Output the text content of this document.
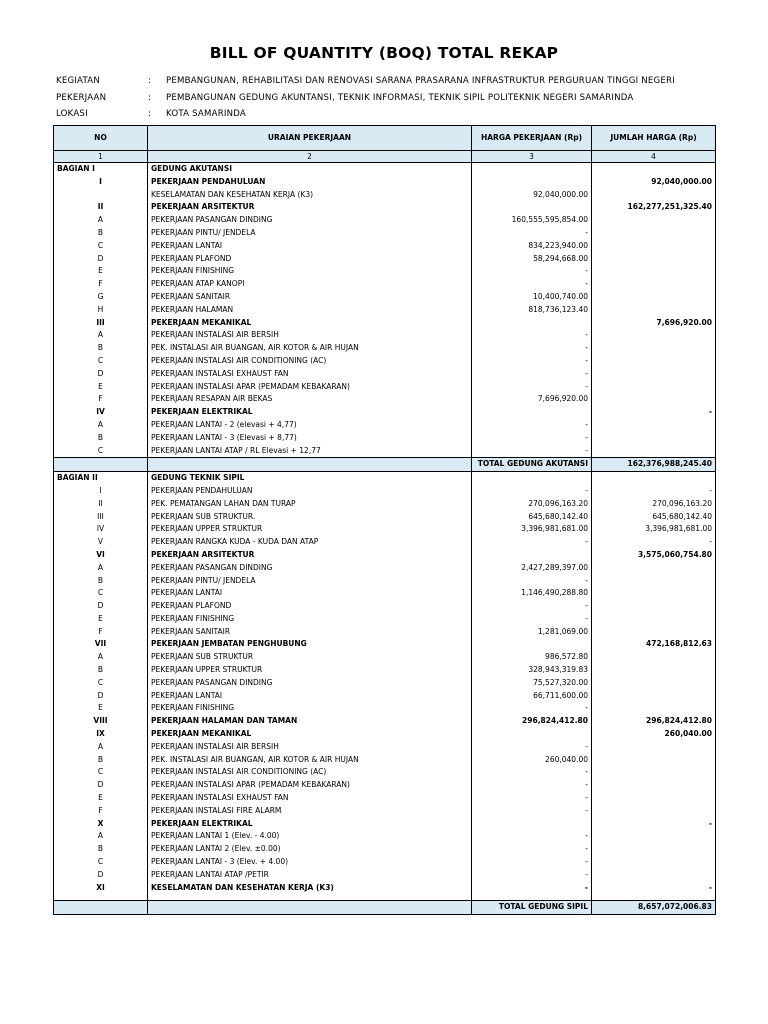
BILL OF QUANTITY (BOQ) TOTAL REKAP
KEGIATAN	: PEMBANGUNAN, REHABILITASI DAN RENOVASI SARANA PRASARANA INFRASTRUKTUR PERGURUAN TINGGI NEGERI
PEKERJAAN	: PEMBANGUNAN GEDUNG AKUNTANSI, TEKNIK INFORMASI, TEKNIK SIPIL POLITEKNIK NEGERI SAMARINDA
LOKASI	: KOTA SAMARINDA
NO	URAIAN PEKERJAAN	HARGA PEKERJAAN (Rp)	JUMLAH HARGA (Rp)
1	2	3	4
BAGIAN I	GEDUNG AKUTANSI		
I	PEKERJAAN PENDAHULUAN		92,040,000.00
	KESELAMATAN DAN KESEHATAN KERJA (K3)	92,040,000.00	
II	PEKERJAAN ARSITEKTUR		162,277,251,325.40
A	PEKERJAAN PASANGAN DINDING	160,555,595,854.00	
B	PEKERJAAN PINTU/ JENDELA	-	
C	PEKERJAAN LANTAI	834,223,940.00	
D	PEKERJAAN PLAFOND	58,294,668.00	
E	PEKERJAAN FINISHING	-	
F	PEKERJAAN ATAP KANOPI	-	
G	PEKERJAAN SANITAIR	10,400,740.00	
H	PEKERJAAN HALAMAN	818,736,123.40	
III	PEKERJAAN MEKANIKAL		7,696,920.00
A	PEKERJAAN INSTALASI AIR BERSIH	-	
B	PEK. INSTALASI AIR BUANGAN, AIR KOTOR & AIR HUJAN	-	
C	PEKERJAAN INSTALASI AIR CONDITIONING (AC)	-	
D	PEKERJAAN INSTALASI EXHAUST FAN	-	
E	PEKERJAAN INSTALASI APAR (PEMADAM KEBAKARAN)	-	
F	PEKERJAAN RESAPAN AIR BEKAS	7,696,920.00	
IV	PEKERJAAN ELEKTRIKAL		-
A	PEKERJAAN LANTAI - 2 (elevasi + 4,77)	-	
B	PEKERJAAN LANTAI - 3 (Elevasi + 8,77)	-	
C	PEKERJAAN LANTAI ATAP / RL Elevasi + 12,77	-	
		TOTAL GEDUNG AKUTANSI	162,376,988,245.40
BAGIAN II	GEDUNG TEKNIK SIPIL		
I	PEKERJAAN PENDAHULUAN	-	-
II	PEK. PEMATANGAN LAHAN DAN TURAP	270,096,163.20	270,096,163.20
III	PEKERJAAN SUB STRUKTUR.	645,680,142.40	645,680,142.40
IV	PEKERJAAN UPPER STRUKTUR	3,396,981,681.00	3,396,981,681.00
V	PEKERJAAN RANGKA KUDA - KUDA DAN ATAP	-	-
VI	PEKERJAAN ARSITEKTUR		3,575,060,754.80
A	PEKERJAAN PASANGAN DINDING	2,427,289,397.00	
B	PEKERJAAN PINTU/ JENDELA	-	
C	PEKERJAAN LANTAI	1,146,490,288.80	
D	PEKERJAAN PLAFOND	-	
E	PEKERJAAN FINISHING	-	
F	PEKERJAAN SANITAIR	1,281,069.00	
VII	PEKERJAAN JEMBATAN PENGHUBUNG		472,168,812.63
A	PEKERJAAN SUB STRUKTUR	986,572.80	
B	PEKERJAAN UPPER STRUKTUR	328,943,319.83	
C	PEKERJAAN PASANGAN DINDING	75,527,320.00	
D	PEKERJAAN LANTAI	66,711,600.00	
E	PEKERJAAN FINISHING	-	
VIII	PEKERJAAN HALAMAN DAN TAMAN	296,824,412.80	296,824,412.80
IX	PEKERJAAN MEKANIKAL		260,040.00
A	PEKERJAAN INSTALASI AIR BERSIH	-	
B	PEK. INSTALASI AIR BUANGAN, AIR KOTOR & AIR HUJAN	260,040.00	
C	PEKERJAAN INSTALASI AIR CONDITIONING (AC)	-	
D	PEKERJAAN INSTALASI APAR (PEMADAM KEBAKARAN)	-	
E	PEKERJAAN INSTALASI EXHAUST FAN	-	
F	PEKERJAAN INSTALASI FIRE ALARM	-	
X	PEKERJAAN ELEKTRIKAL		-
A	PEKERJAAN LANTAI 1 (Elev. - 4.00)	-	
B	PEKERJAAN LANTAI 2 (Elev. ±0.00)	-	
C	PEKERJAAN LANTAI - 3 (Elev. + 4.00)	-	
D	PEKERJAAN LANTAI ATAP /PETIR	-	
XI	KESELAMATAN DAN KESEHATAN KERJA (K3)	-	-

		TOTAL GEDUNG SIPIL	8,657,072,006.83
